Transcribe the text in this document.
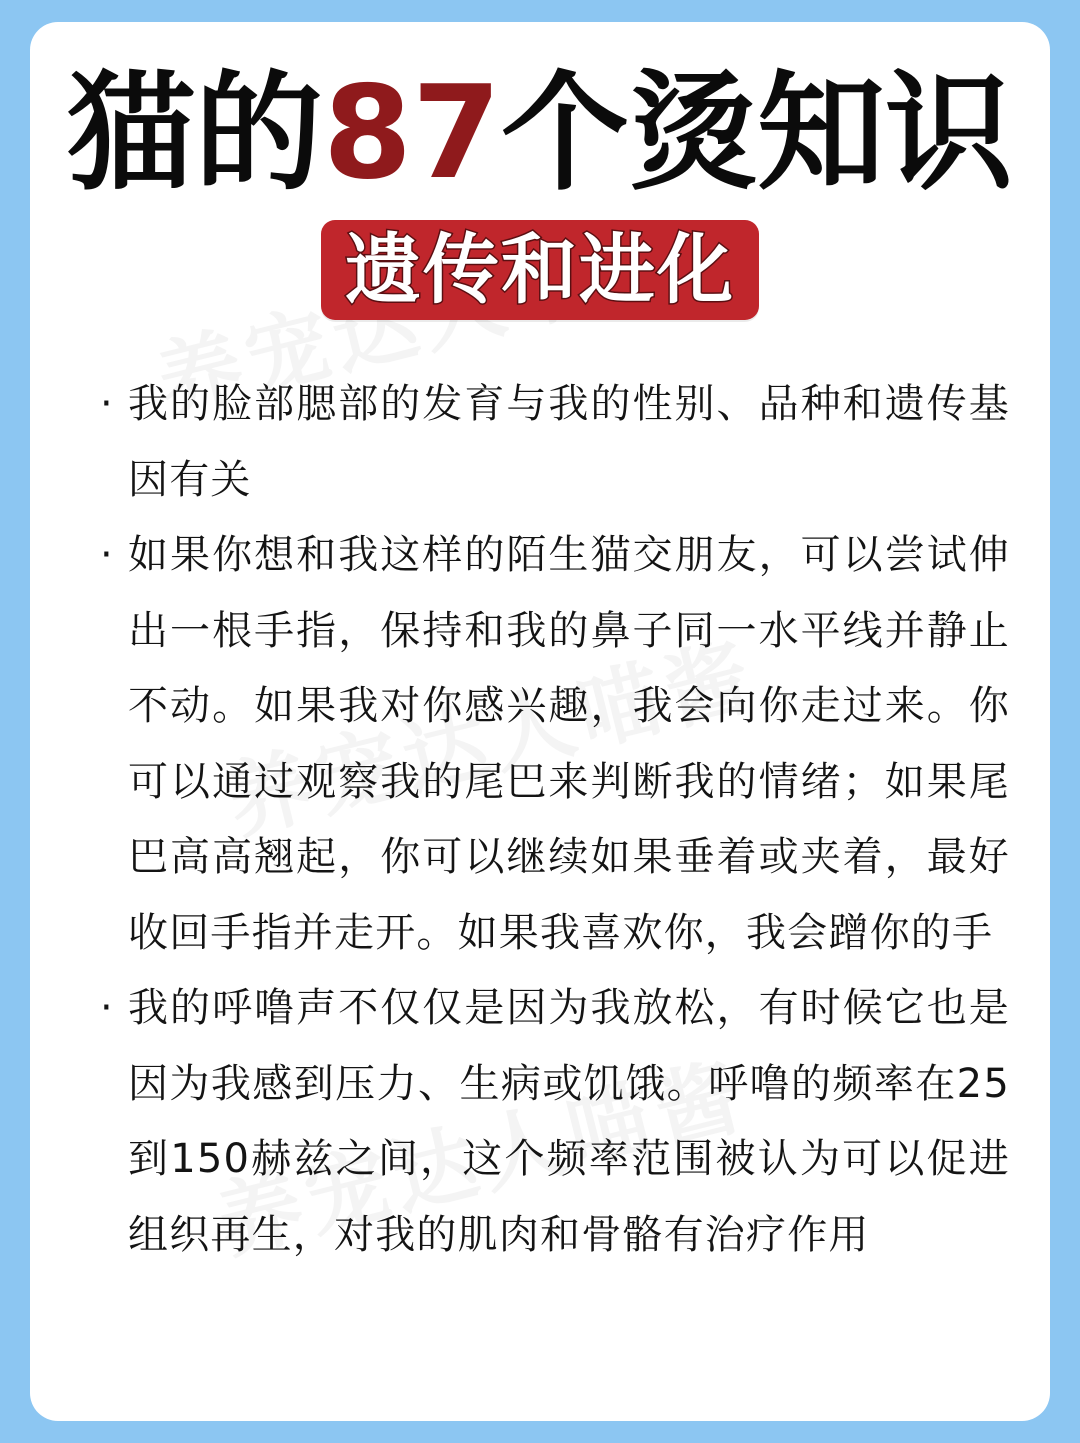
猫的87个烫知识
遗传和进化
· 我的脸部腮部的发育与我的性别、品种和遗传基因有关
· 如果你想和我这样的陌生猫交朋友，可以尝试伸出一根手指，保持和我的鼻子同一水平线并静止不动。如果我对你感兴趣，我会向你走过来。你可以通过观察我的尾巴来判断我的情绪；如果尾巴高高翘起，你可以继续如果垂着或夹着，最好收回手指并走开。如果我喜欢你，我会蹭你的手
· 我的呼噜声不仅仅是因为我放松，有时候它也是因为我感到压力、生病或饥饿。呼噜的频率在25到150赫兹之间，这个频率范围被认为可以促进组织再生，对我的肌肉和骨骼有治疗作用
